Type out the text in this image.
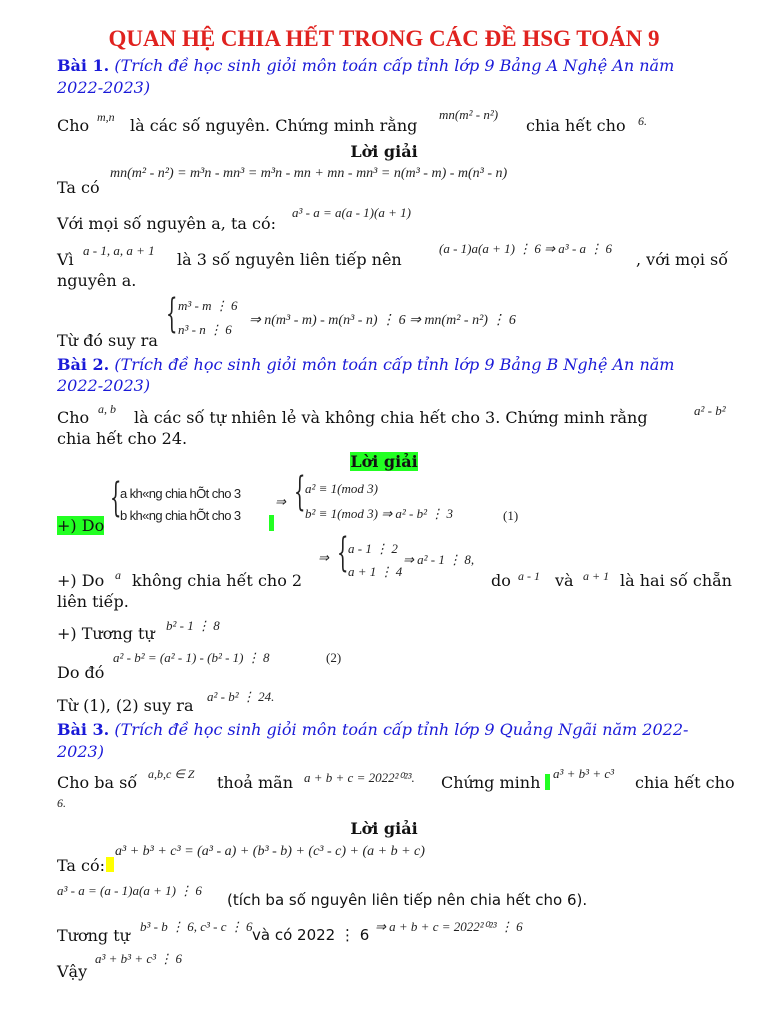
QUAN HỆ CHIA HẾT TRONG CÁC ĐỀ HSG TOÁN 9
Bài 1. (Trích đề học sinh giỏi môn toán cấp tỉnh lớp 9 Bảng A Nghệ An năm
2022-2023)
Cho m,n là các số nguyên. Chứng minh rằng
mn(m² - n²)
chia hết cho 6.
Lời giải
Ta có
mn(m² - n²) = m³n - mn³ = m³n - mn + mn - mn³ = n(m³ - m) - m(n³ - n)
Với mọi số nguyên a, ta có:
a³ - a = a(a - 1)(a + 1)
Vì a - 1, a, a + 1 là 3 số nguyên liên tiếp nên
(a - 1)a(a + 1) ⋮ 6 ⇒ a³ - a ⋮ 6
, với mọi số
nguyên a.
Từ đó suy ra
{ m³ - m ⋮ 6
n³ - n ⋮ 6
⇒ n(m³ - m) - m(n³ - n) ⋮ 6 ⇒ mn(m² - n²) ⋮ 6
Bài 2. (Trích đề học sinh giỏi môn toán cấp tỉnh lớp 9 Bảng B Nghệ An năm
2022-2023)
Cho a, b là các số tự nhiên lẻ và không chia hết cho 3. Chứng minh rằng	a² - b²
chia hết cho 24.
Lời giải
+) Do
{
a kh«ng chia hÕt cho 3
b kh«ng chia hÕt cho 3
⇒ { a² ≡ 1(mod 3)
b² ≡ 1(mod 3) ⇒ a² - b² ⋮ 3	(1)
+) Do a không chia hết cho 2
⇒ { a - 1 ⋮ 2
a + 1 ⋮ 4
⇒ a² - 1 ⋮ 8,
do a - 1 và a + 1 là hai số chẵn
liên tiếp.
+) Tương tự b² - 1 ⋮ 8
Do đó
a² - b² = (a² - 1) - (b² - 1) ⋮ 8	(2)
Từ (1), (2) suy ra a² - b² ⋮ 24.
Bài 3. (Trích đề học sinh giỏi môn toán cấp tỉnh lớp 9 Quảng Ngãi năm 2022-
2023)
Cho ba số a,b,c ∈ Z thoả mãn a + b + c = 2022²⁰²³. Chứng minh a³ + b³ + c³ chia hết cho
6.
Lời giải
Ta có:
a³ + b³ + c³ = (a³ - a) + (b³ - b) + (c³ - c) + (a + b + c)
a³ - a = (a - 1)a(a + 1) ⋮ 6
(tích ba số nguyên liên tiếp nên chia hết cho 6).
Tương tự b³ - b ⋮ 6, c³ - c ⋮ 6 và có 2022 ⋮ 6 ⇒ a + b + c = 2022²⁰²³ ⋮ 6
Vậy
a³ + b³ + c³ ⋮ 6
